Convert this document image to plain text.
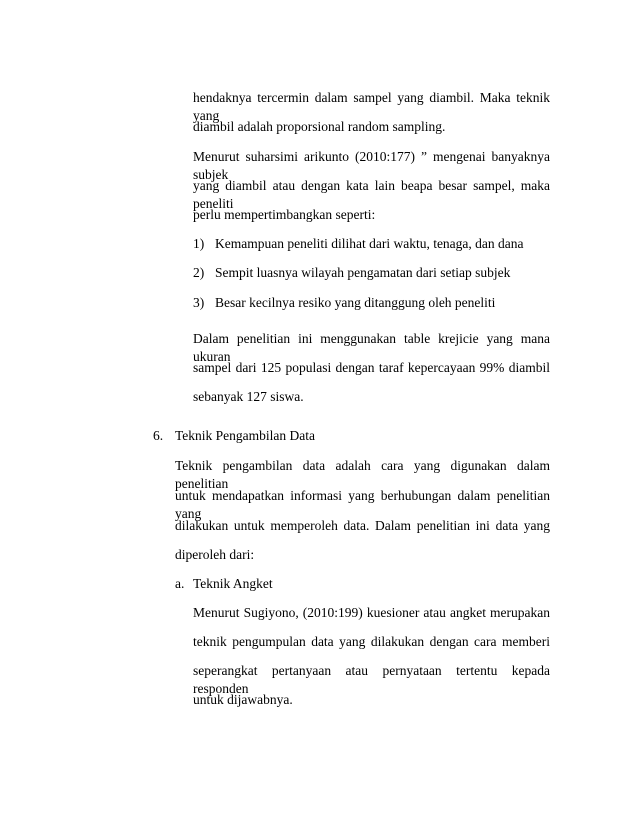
hendaknya tercermin dalam sampel yang diambil. Maka teknik yang
diambil adalah proporsional random sampling.
Menurut suharsimi arikunto (2010:177) ” mengenai banyaknya subjek
yang diambil atau dengan kata lain beapa besar sampel, maka peneliti
perlu mempertimbangkan seperti:
1) Kemampuan peneliti dilihat dari waktu, tenaga, dan dana
2) Sempit luasnya wilayah pengamatan dari setiap subjek
3) Besar kecilnya resiko yang ditanggung oleh peneliti
Dalam penelitian ini menggunakan table krejicie yang mana ukuran
sampel dari 125 populasi dengan taraf kepercayaan 99% diambil
sebanyak 127 siswa.
6. Teknik Pengambilan Data
Teknik pengambilan data adalah cara yang digunakan dalam penelitian
untuk mendapatkan informasi yang berhubungan dalam penelitian yang
dilakukan untuk memperoleh data. Dalam penelitian ini data yang
diperoleh dari:
a. Teknik Angket
Menurut Sugiyono, (2010:199) kuesioner atau angket merupakan
teknik pengumpulan data yang dilakukan dengan cara memberi
seperangkat pertanyaan atau pernyataan tertentu kepada responden
untuk dijawabnya.
